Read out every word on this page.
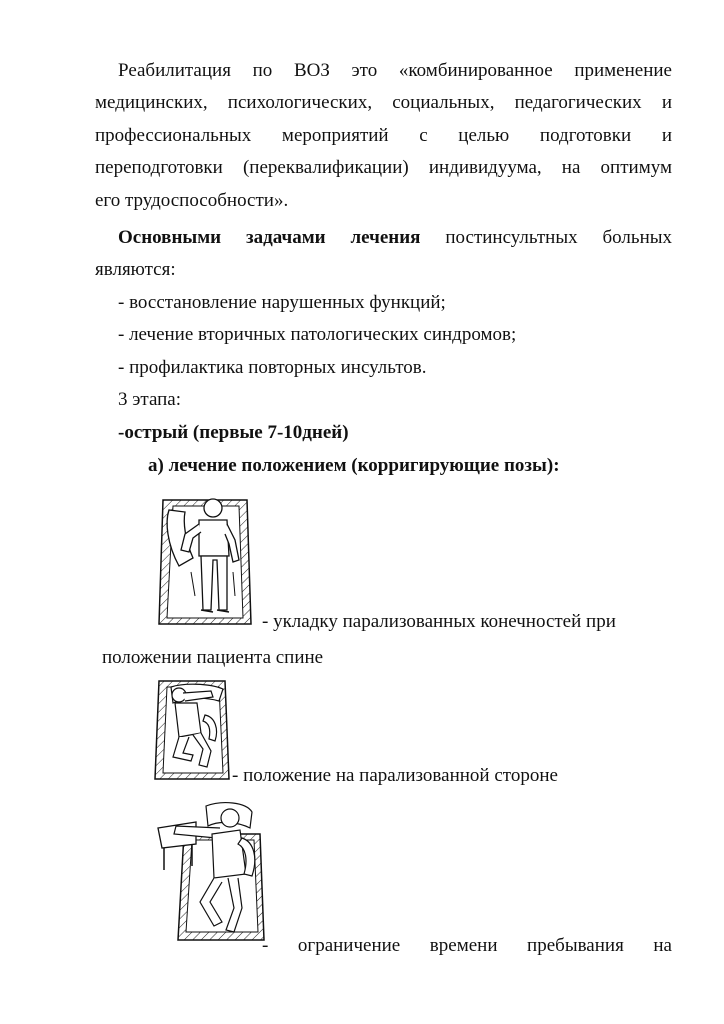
Реабилитация по ВОЗ это «комбинированное применение
медицинских, психологических, социальных, педагогических и
профессиональных мероприятий с целью подготовки и
переподготовки (переквалификации) индивидуума, на оптимум
его трудоспособности».
Основными задачами лечения постинсультных больных
являются:
- восстановление нарушенных функций;
- лечение вторичных патологических синдромов;
- профилактика повторных инсультов.
3 этапа:
-острый (первые 7-10дней)
а) лечение положением (корригирующие позы):
- укладку парализованных конечностей при
положении пациента спине
- положение на парализованной стороне
- ограничение времени пребывания на
